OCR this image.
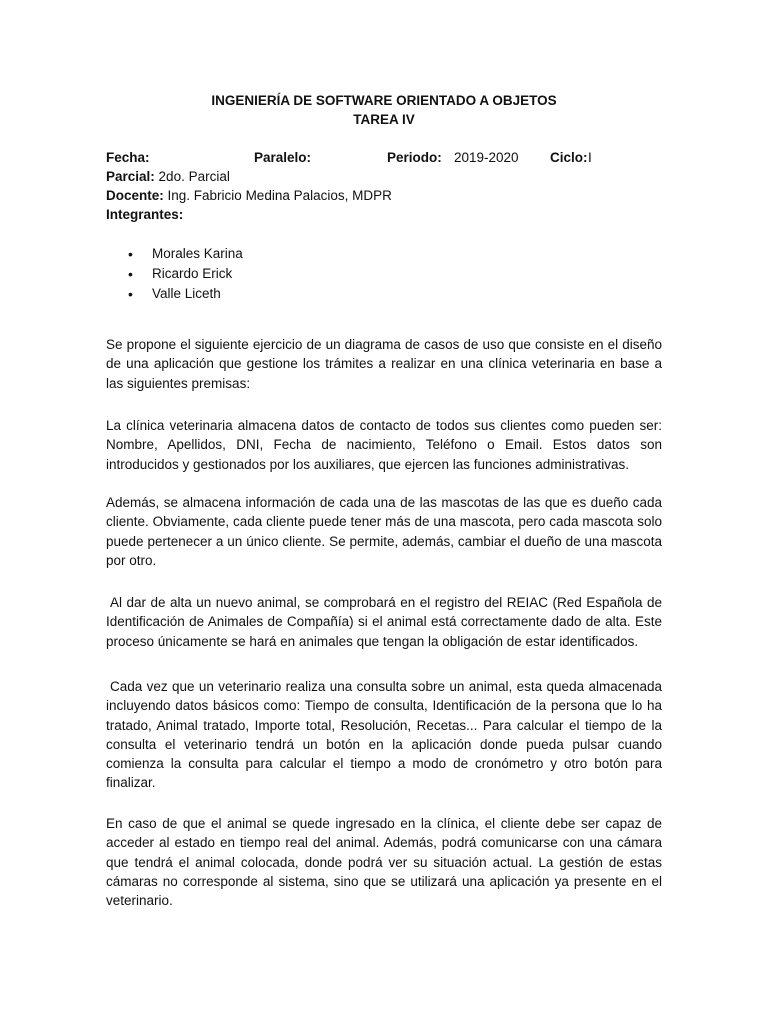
INGENIERÍA DE SOFTWARE ORIENTADO A OBJETOS
TAREA IV
Fecha:	Paralelo:	Periodo: 2019-2020 Ciclo: I
Parcial: 2do. Parcial
Docente: Ing. Fabricio Medina Palacios, MDPR
Integrantes:
• Morales Karina
• Ricardo Erick
• Valle Liceth

Se propone el siguiente ejercicio de un diagrama de casos de uso que consiste en el diseño de una aplicación que gestione los trámites a realizar en una clínica veterinaria en base a las siguientes premisas:

La clínica veterinaria almacena datos de contacto de todos sus clientes como pueden ser: Nombre, Apellidos, DNI, Fecha de nacimiento, Teléfono o Email. Estos datos son introducidos y gestionados por los auxiliares, que ejercen las funciones administrativas.

Además, se almacena información de cada una de las mascotas de las que es dueño cada cliente. Obviamente, cada cliente puede tener más de una mascota, pero cada mascota solo puede pertenecer a un único cliente. Se permite, además, cambiar el dueño de una mascota por otro.

Al dar de alta un nuevo animal, se comprobará en el registro del REIAC (Red Española de Identificación de Animales de Compañía) si el animal está correctamente dado de alta. Este proceso únicamente se hará en animales que tengan la obligación de estar identificados.

Cada vez que un veterinario realiza una consulta sobre un animal, esta queda almacenada incluyendo datos básicos como: Tiempo de consulta, Identificación de la persona que lo ha tratado, Animal tratado, Importe total, Resolución, Recetas... Para calcular el tiempo de la consulta el veterinario tendrá un botón en la aplicación donde pueda pulsar cuando comienza la consulta para calcular el tiempo a modo de cronómetro y otro botón para finalizar.

En caso de que el animal se quede ingresado en la clínica, el cliente debe ser capaz de acceder al estado en tiempo real del animal. Además, podrá comunicarse con una cámara que tendrá el animal colocada, donde podrá ver su situación actual. La gestión de estas cámaras no corresponde al sistema, sino que se utilizará una aplicación ya presente en el veterinario.
